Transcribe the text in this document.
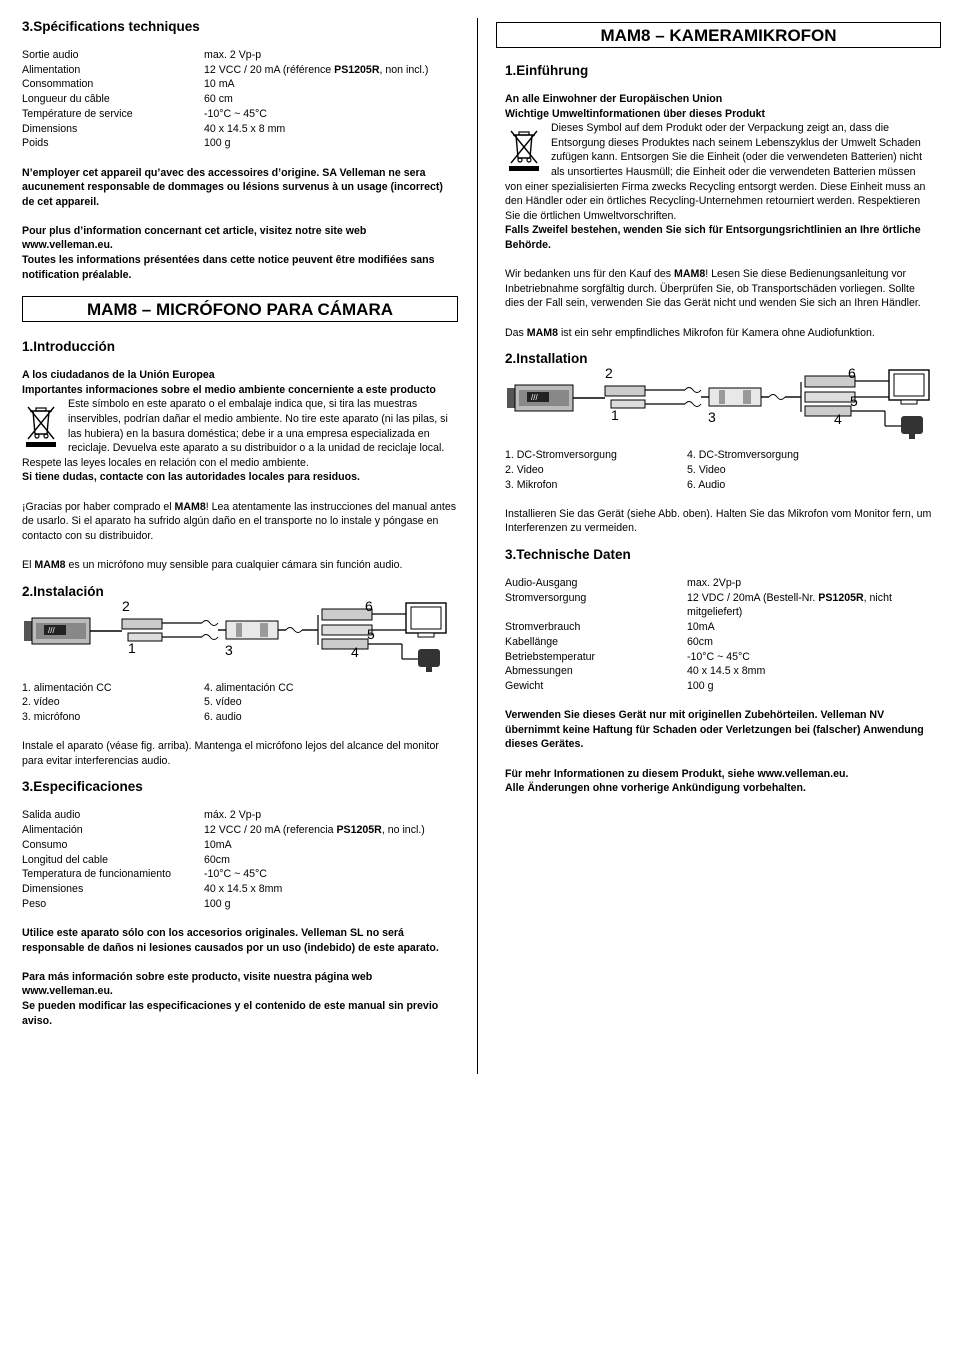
3.Spécifications techniques
Sortie audio	max. 2 Vp-p
Alimentation	12 VCC / 20 mA (référence PS1205R, non incl.)
Consommation	10 mA
Longueur du câble	60 cm
Température de service	-10°C ~ 45°C
Dimensions	40 x 14.5 x 8 mm
Poids	100 g

N’employer cet appareil qu’avec des accessoires d’origine. SA Velleman ne sera aucunement responsable de dommages ou lésions survenus à un usage (incorrect) de cet appareil.

Pour plus d’information concernant cet article, visitez notre site web www.velleman.eu.

Toutes les informations présentées dans cette notice peuvent être modifiées sans notification préalable.

MAM8 – MICRÓFONO PARA CÁMARA
1.Introducción

A los ciudadanos de la Unión Europea

Importantes informaciones sobre el medio ambiente concerniente a este producto

Este símbolo en este aparato o el embalaje indica que, si tira las muestras inservibles, podrían dañar el medio ambiente. No tire este aparato (ni las pilas, si las hubiera) en la basura doméstica; debe ir a una empresa especializada en reciclaje. Devuelva este aparato a su distribuidor o a la unidad de reciclaje local. Respete las leyes locales en relación con el medio ambiente.

Si tiene dudas, contacte con las autoridades locales para residuos.

¡Gracias por haber comprado el MAM8! Lea atentamente las instrucciones del manual antes de usarlo. Si el aparato ha sufrido algún daño en el transporte no lo instale y póngase en contacto con su distribuidor.

El MAM8 es un micrófono muy sensible para cualquier cámara sin función audio.

2.Instalación
///
2
1	3	4
5
6
1. alimentación CC	4. alimentación CC
2. vídeo	5. vídeo
3. micrófono	6. audio

Instale el aparato (véase fig. arriba). Mantenga el micrófono lejos del alcance del monitor para evitar interferencias audio.

3.Especificaciones
Salida audio	máx. 2 Vp-p
Alimentación	12 VCC / 20 mA (referencia PS1205R, no incl.)
Consumo	10mA
Longitud del cable	60cm
Temperatura de funcionamiento	-10°C ~ 45°C
Dimensiones	40 x 14.5 x 8mm
Peso	100 g

Utilice este aparato sólo con los accesorios originales. Velleman SL no será responsable de daños ni lesiones causados por un uso (indebido) de este aparato.

Para más información sobre este producto, visite nuestra página web www.velleman.eu.

Se pueden modificar las especificaciones y el contenido de este manual sin previo aviso.

MAM8 – KAMERAMIKROFON
1.Einführung

An alle Einwohner der Europäischen Union

Wichtige Umweltinformationen über dieses Produkt

Dieses Symbol auf dem Produkt oder der Verpackung zeigt an, dass die Entsorgung dieses Produktes nach seinem Lebenszyklus der Umwelt Schaden zufügen kann. Entsorgen Sie die Einheit (oder die verwendeten Batterien) nicht als unsortiertes Hausmüll; die Einheit oder die verwendeten Batterien müssen von einer spezialisierten Firma zwecks Recycling entsorgt werden. Diese Einheit muss an den Händler oder ein örtliches Recycling-Unternehmen retourniert werden. Respektieren Sie die örtlichen Umweltvorschriften.

Falls Zweifel bestehen, wenden Sie sich für Entsorgungsrichtlinien an Ihre örtliche Behörde.

Wir bedanken uns für den Kauf des MAM8! Lesen Sie diese Bedienungsanleitung vor Inbetriebnahme sorgfältig durch. Überprüfen Sie, ob Transportschäden vorliegen. Sollte dies der Fall sein, verwenden Sie das Gerät nicht und wenden Sie sich an Ihren Händler.

Das MAM8 ist ein sehr empfindliches Mikrofon für Kamera ohne Audiofunktion.

2.Installation
///
2
1	3	4
5
6
1. DC-Stromversorgung	4. DC-Stromversorgung
2. Video	5. Video
3. Mikrofon	6. Audio

Installieren Sie das Gerät (siehe Abb. oben). Halten Sie das Mikrofon vom Monitor fern, um Interferenzen zu vermeiden.

3.Technische Daten
Audio-Ausgang	max. 2Vp-p
Stromversorgung	12 VDC / 20mA (Bestell-Nr. PS1205R, nicht mitgeliefert)
Stromverbrauch	10mA
Kabellänge	60cm
Betriebstemperatur	-10°C ~ 45°C
Abmessungen	40 x 14.5 x 8mm
Gewicht	100 g

Verwenden Sie dieses Gerät nur mit originellen Zubehörteilen. Velleman NV übernimmt keine Haftung für Schaden oder Verletzungen bei (falscher) Anwendung dieses Gerätes.

Für mehr Informationen zu diesem Produkt, siehe www.velleman.eu.

Alle Änderungen ohne vorherige Ankündigung vorbehalten.
